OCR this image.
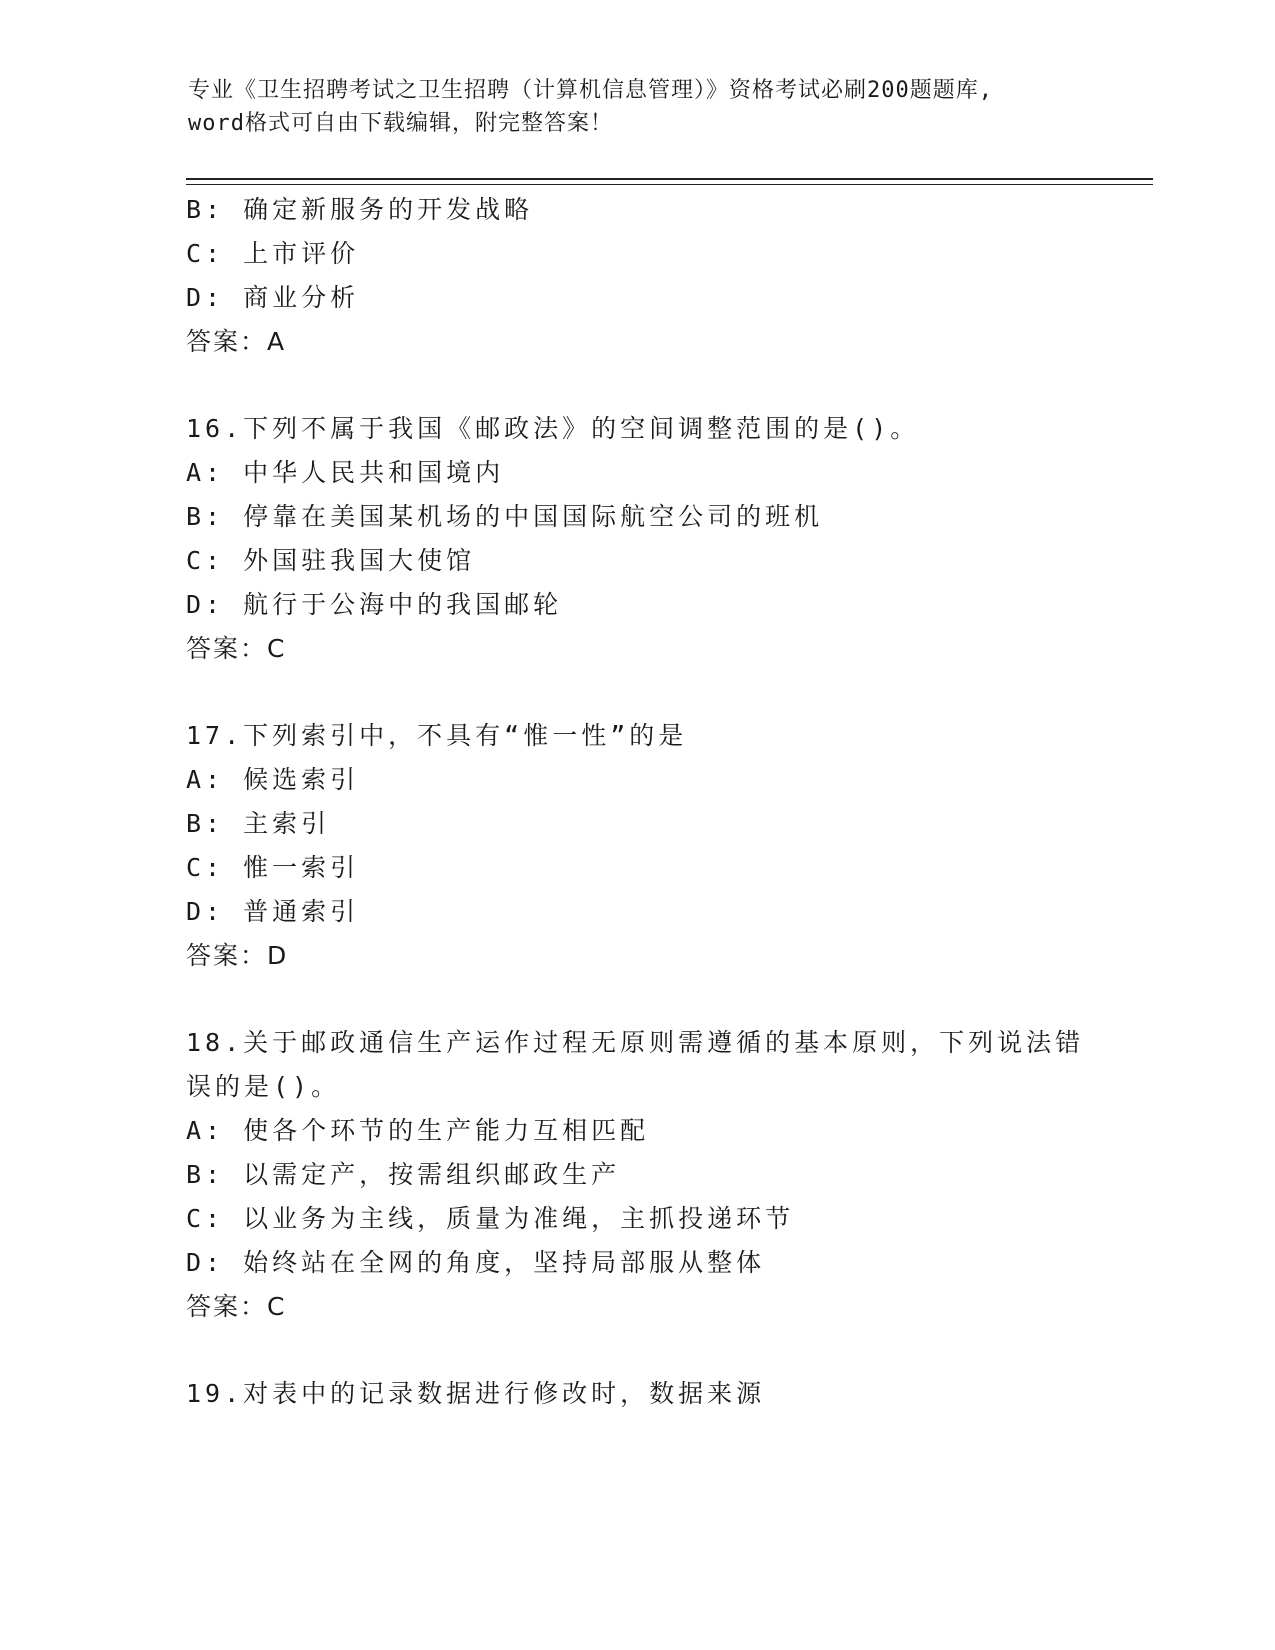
专业《卫生招聘考试之卫生招聘（计算机信息管理）》资格考试必刷200题题库,
word格式可自由下载编辑，附完整答案！
B: 确定新服务的开发战略
C: 上市评价
D: 商业分析
答案：A
16.下列不属于我国《邮政法》的空间调整范围的是()。
A: 中华人民共和国境内
B: 停靠在美国某机场的中国国际航空公司的班机
C: 外国驻我国大使馆
D: 航行于公海中的我国邮轮
答案：C
17.下列索引中，不具有“惟一性”的是
A: 候选索引
B: 主索引
C: 惟一索引
D: 普通索引
答案：D
18.关于邮政通信生产运作过程无原则需遵循的基本原则，下列说法错
误的是()。
A: 使各个环节的生产能力互相匹配
B: 以需定产，按需组织邮政生产
C: 以业务为主线，质量为准绳，主抓投递环节
D: 始终站在全网的角度，坚持局部服从整体
答案：C
19.对表中的记录数据进行修改时，数据来源
